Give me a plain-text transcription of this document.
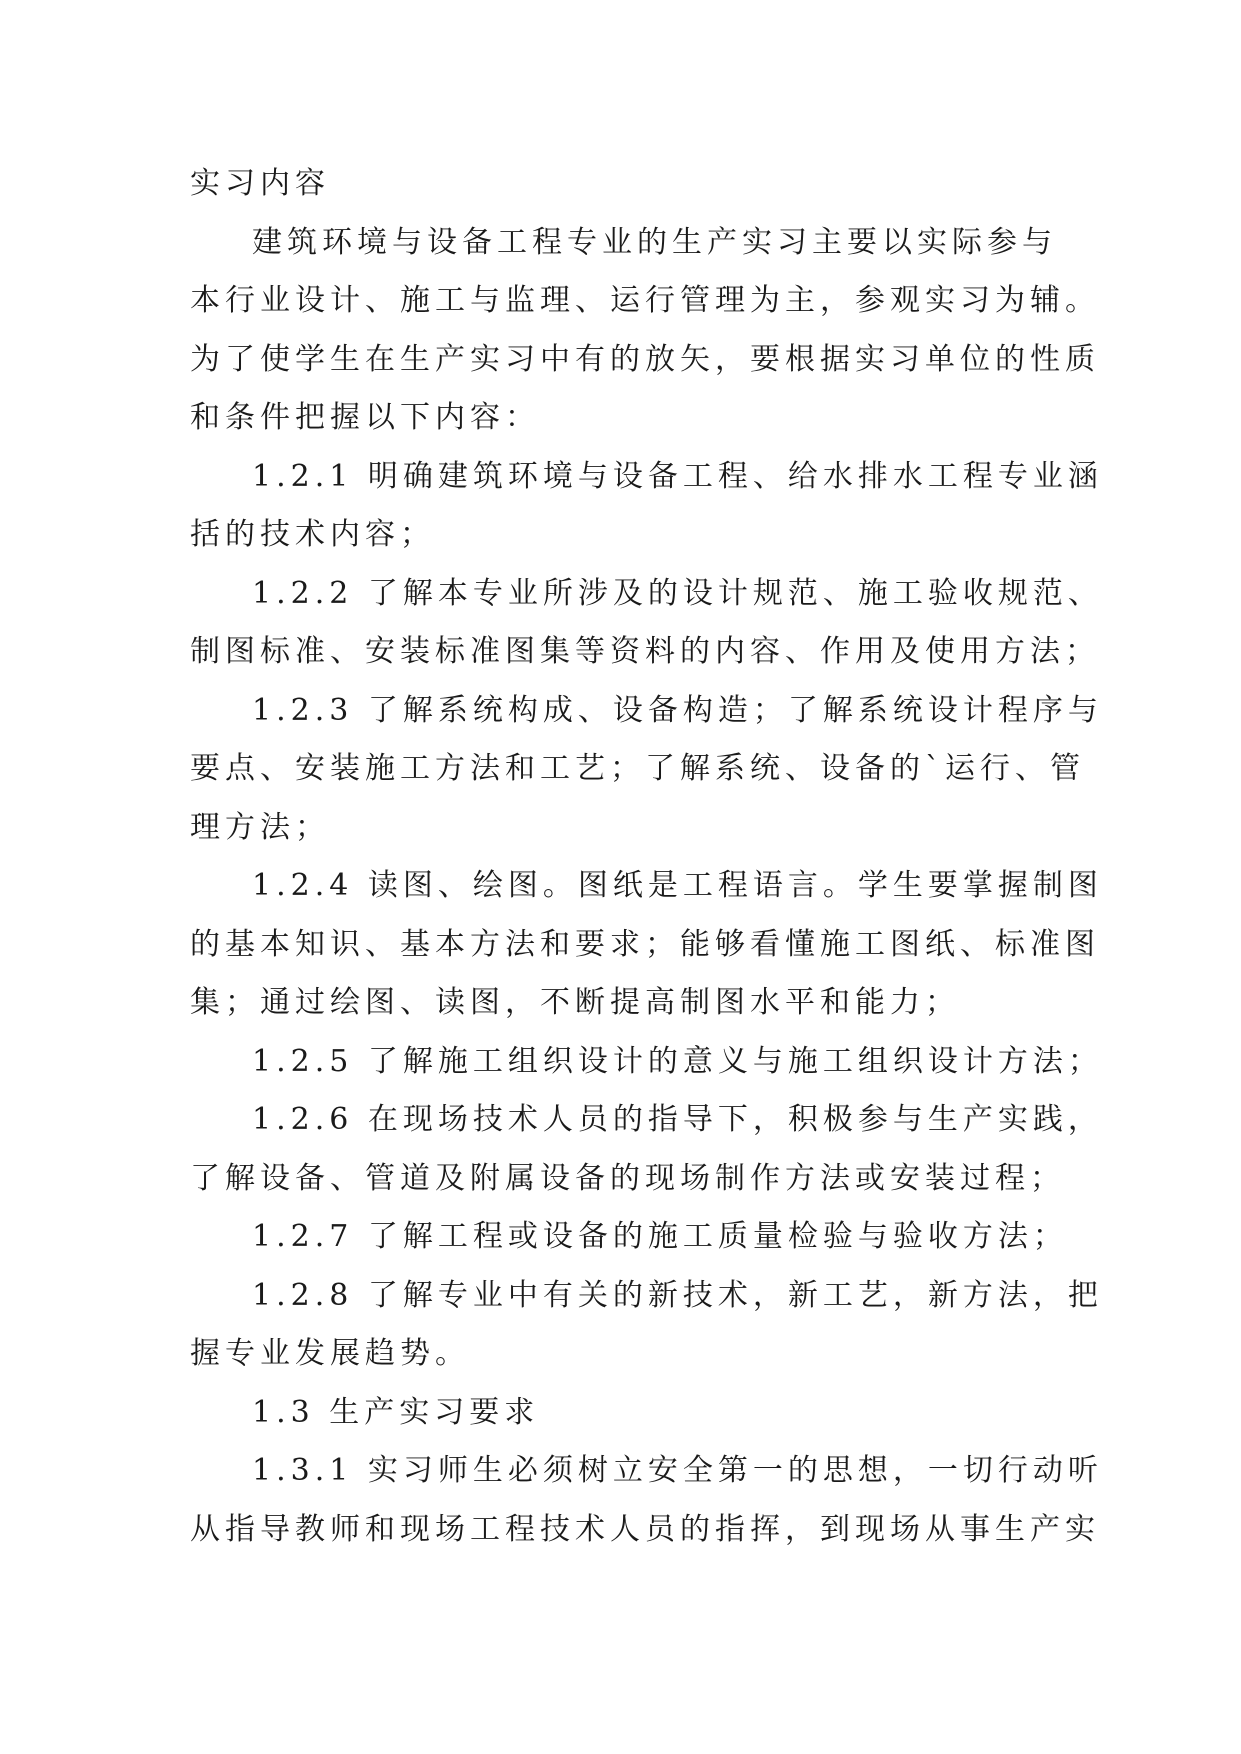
实习内容
建筑环境与设备工程专业的生产实习主要以实际参与
本行业设计、施工与监理、运行管理为主，参观实习为辅。
为了使学生在生产实习中有的放矢，要根据实习单位的性质
和条件把握以下内容：
1.2.1 明确建筑环境与设备工程、给水排水工程专业涵
括的技术内容；
1.2.2 了解本专业所涉及的设计规范、施工验收规范、
制图标准、安装标准图集等资料的内容、作用及使用方法；
1.2.3 了解系统构成、设备构造；了解系统设计程序与
要点、安装施工方法和工艺；了解系统、设备的`运行、管
理方法；
1.2.4 读图、绘图。图纸是工程语言。学生要掌握制图
的基本知识、基本方法和要求；能够看懂施工图纸、标准图
集；通过绘图、读图，不断提高制图水平和能力；
1.2.5 了解施工组织设计的意义与施工组织设计方法；
1.2.6 在现场技术人员的指导下，积极参与生产实践，
了解设备、管道及附属设备的现场制作方法或安装过程；
1.2.7 了解工程或设备的施工质量检验与验收方法；
1.2.8 了解专业中有关的新技术，新工艺，新方法，把
握专业发展趋势。
1.3 生产实习要求
1.3.1 实习师生必须树立安全第一的思想，一切行动听
从指导教师和现场工程技术人员的指挥，到现场从事生产实
